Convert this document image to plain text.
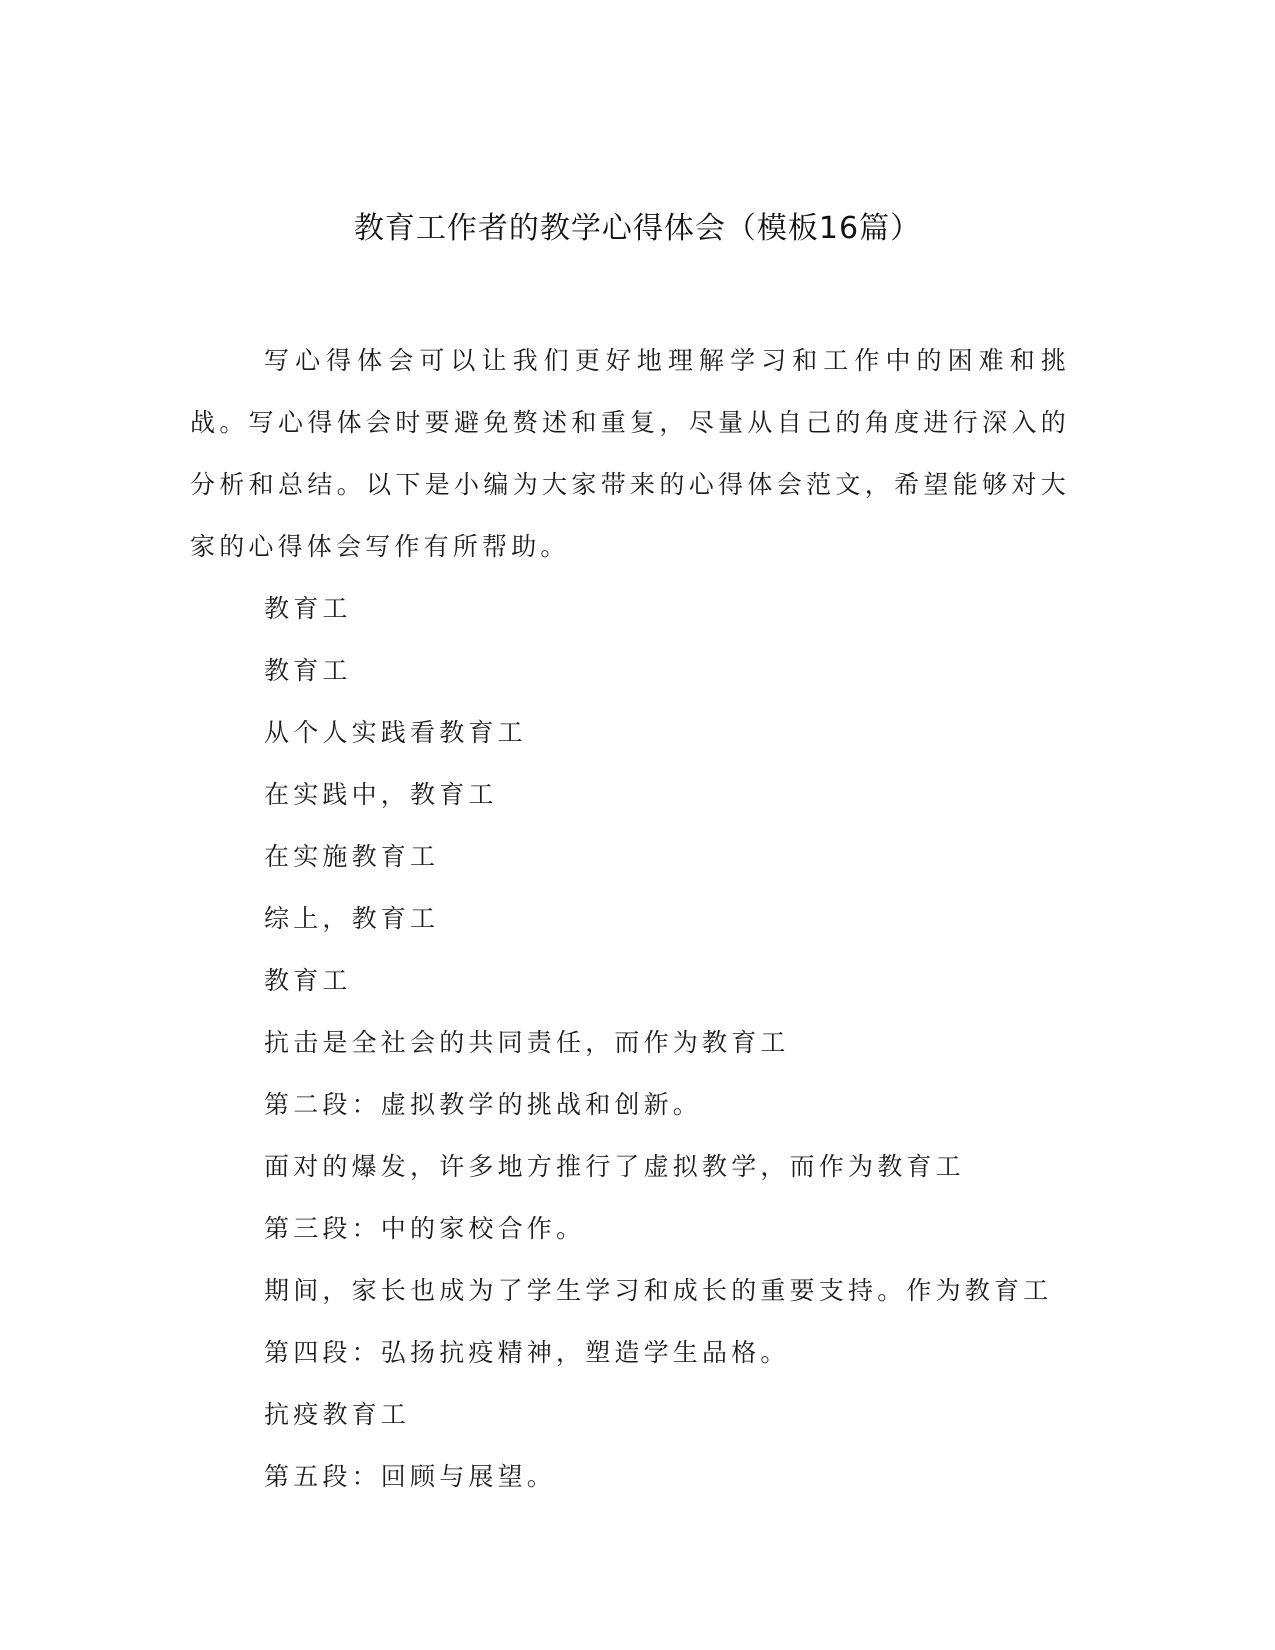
教育工作者的教学心得体会（模板16篇）

写心得体会可以让我们更好地理解学习和工作中的困难和挑战。写心得体会时要避免赘述和重复，尽量从自己的角度进行深入的分析和总结。以下是小编为大家带来的心得体会范文，希望能够对大家的心得体会写作有所帮助。

教育工

教育工

从个人实践看教育工

在实践中，教育工

在实施教育工

综上，教育工

教育工

抗击是全社会的共同责任，而作为教育工

第二段：虚拟教学的挑战和创新。

面对的爆发，许多地方推行了虚拟教学，而作为教育工

第三段：中的家校合作。

期间，家长也成为了学生学习和成长的重要支持。作为教育工

第四段：弘扬抗疫精神，塑造学生品格。

抗疫教育工

第五段：回顾与展望。
